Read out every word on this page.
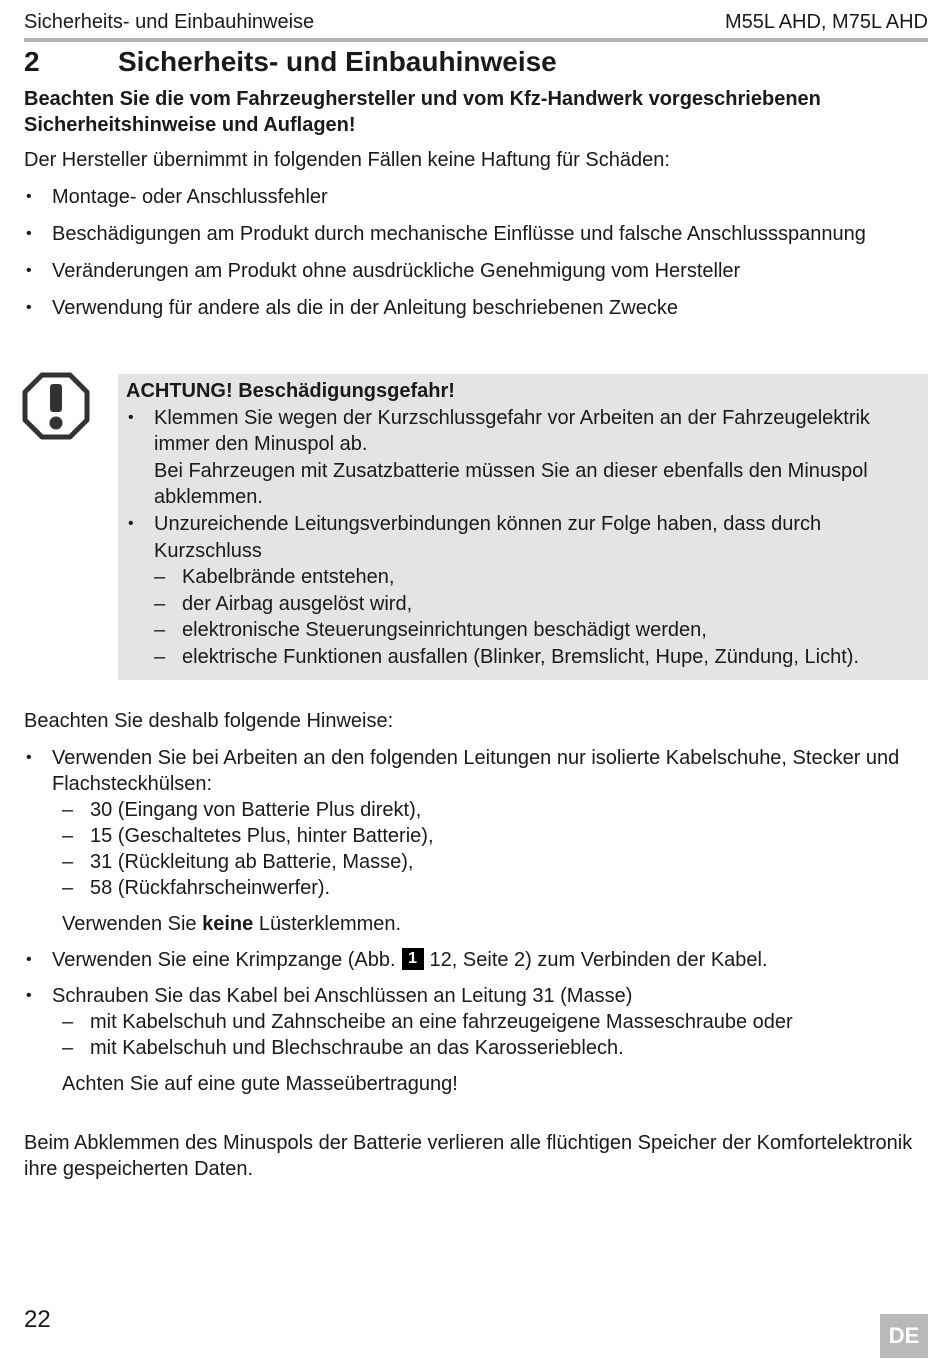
Sicherheits- und Einbauhinweise	M55L AHD, M75L AHD
2	Sicherheits- und Einbauhinweise
Beachten Sie die vom Fahrzeughersteller und vom Kfz-Handwerk vorgeschriebenen Sicherheitshinweise und Auflagen!

Der Hersteller übernimmt in folgenden Fällen keine Haftung für Schäden:

• Montage- oder Anschlussfehler
• Beschädigungen am Produkt durch mechanische Einflüsse und falsche Anschlussspannung
• Veränderungen am Produkt ohne ausdrückliche Genehmigung vom Hersteller
• Verwendung für andere als die in der Anleitung beschriebenen Zwecke
ACHTUNG! Beschädigungsgefahr!
• Klemmen Sie wegen der Kurzschlussgefahr vor Arbeiten an der Fahrzeugelektrik immer den Minuspol ab.
Bei Fahrzeugen mit Zusatzbatterie müssen Sie an dieser ebenfalls den Minuspol abklemmen.
• Unzureichende Leitungsverbindungen können zur Folge haben, dass durch Kurzschluss
– Kabelbrände entstehen,
– der Airbag ausgelöst wird,
– elektronische Steuerungseinrichtungen beschädigt werden,
– elektrische Funktionen ausfallen (Blinker, Bremslicht, Hupe, Zündung, Licht).

Beachten Sie deshalb folgende Hinweise:

• Verwenden Sie bei Arbeiten an den folgenden Leitungen nur isolierte Kabelschuhe, Stecker und Flachsteckhülsen:
– 30 (Eingang von Batterie Plus direkt),
– 15 (Geschaltetes Plus, hinter Batterie),
– 31 (Rückleitung ab Batterie, Masse),
– 58 (Rückfahrscheinwerfer).
Verwenden Sie keine Lüsterklemmen.
• Verwenden Sie eine Krimpzange (Abb. 1 12, Seite 2) zum Verbinden der Kabel.
• Schrauben Sie das Kabel bei Anschlüssen an Leitung 31 (Masse)
– mit Kabelschuh und Zahnscheibe an eine fahrzeugeigene Masseschraube oder
– mit Kabelschuh und Blechschraube an das Karosserieblech.
Achten Sie auf eine gute Masseübertragung!
Beim Abklemmen des Minuspols der Batterie verlieren alle flüchtigen Speicher der Komfortelektronik ihre gespeicherten Daten.
22
DE
